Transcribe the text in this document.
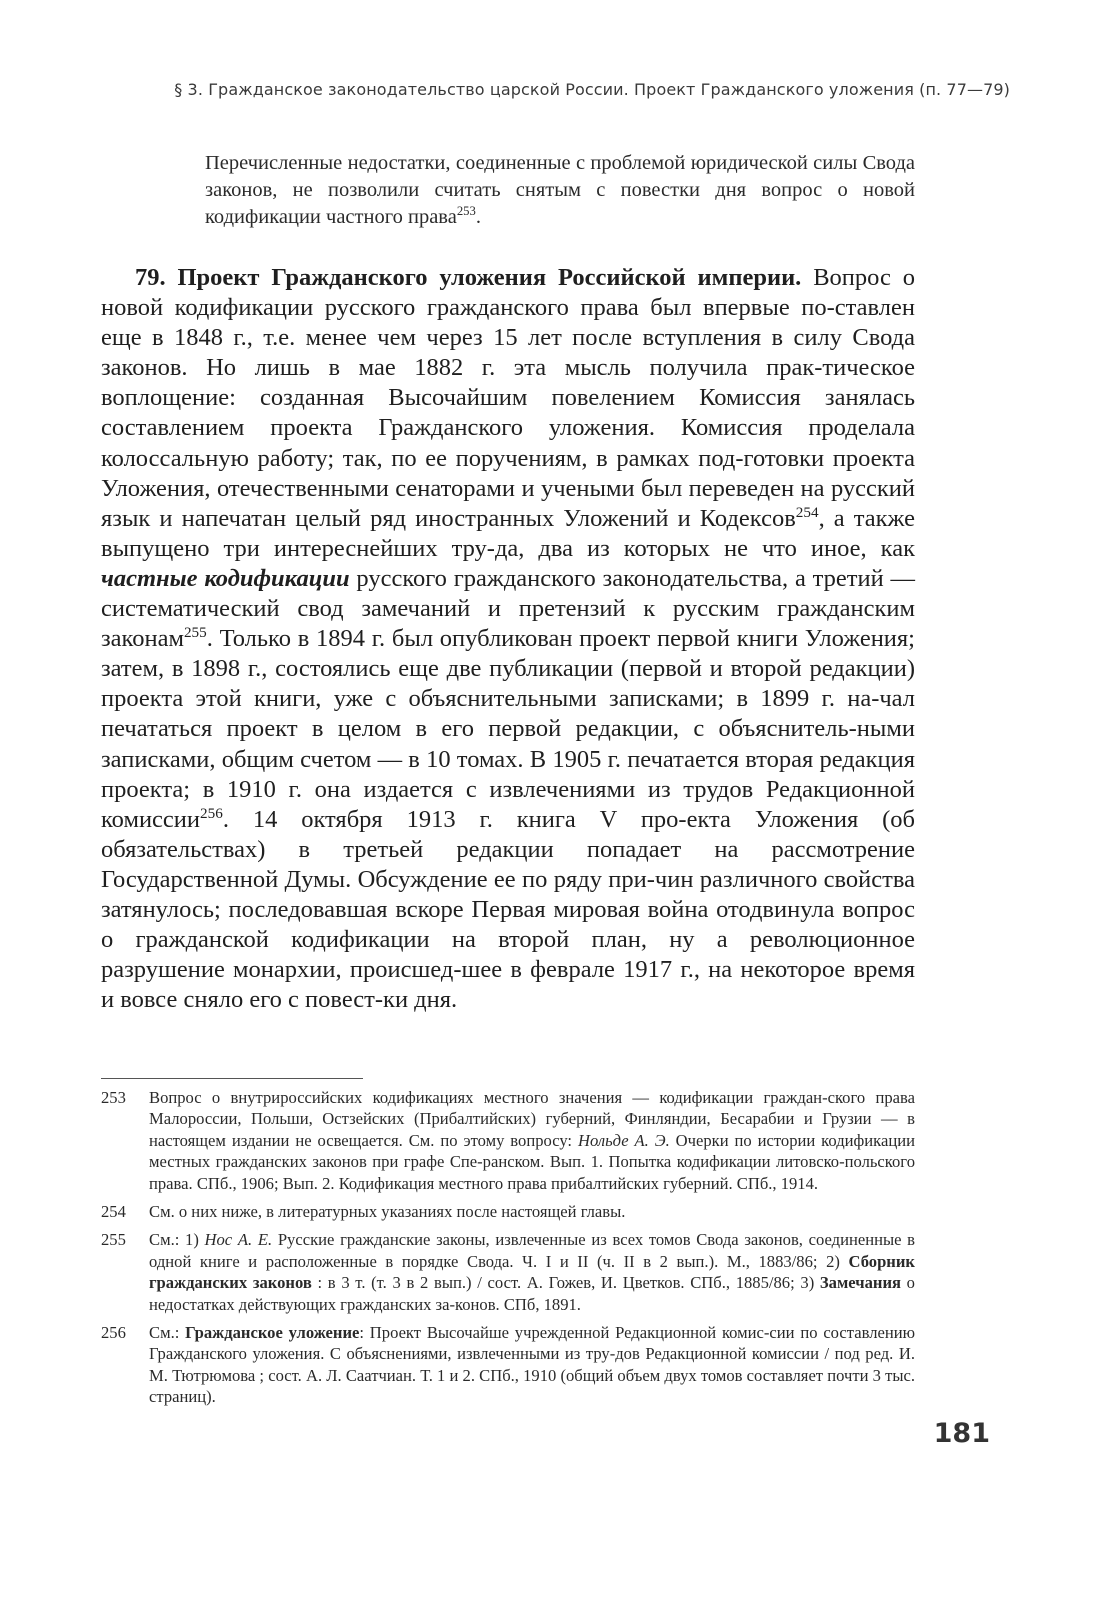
§ 3. Гражданское законодательство царской России. Проект Гражданского уложения (п. 77—79)
Перечисленные недостатки, соединенные с проблемой юридической силы Свода законов, не позволили считать снятым с повестки дня вопрос о новой кодификации частного права$^{253}$.
79. Проект Гражданского уложения Российской империи. Вопрос о новой кодификации русского гражданского права был впервые по-ставлен еще в 1848 г., т.е. менее чем через 15 лет после вступления в силу Свода законов. Но лишь в мае 1882 г. эта мысль получила прак-тическое воплощение: созданная Высочайшим повелением Комиссия занялась составлением проекта Гражданского уложения. Комиссия проделала колоссальную работу; так, по ее поручениям, в рамках под-готовки проекта Уложения, отечественными сенаторами и учеными был переведен на русский язык и напечатан целый ряд иностранных Уложений и Кодексов$^{254}$, а также выпущено три интереснейших тру-да, два из которых не что иное, как частные кодификации русского гражданского законодательства, а третий — систематический свод замечаний и претензий к русским гражданским законам$^{255}$. Только в 1894 г. был опубликован проект первой книги Уложения; затем, в 1898 г., состоялись еще две публикации (первой и второй редакции) проекта этой книги, уже с объяснительными записками; в 1899 г. на-чал печататься проект в целом в его первой редакции, с объяснитель-ными записками, общим счетом — в 10 томах. В 1905 г. печатается вторая редакция проекта; в 1910 г. она издается с извлечениями из трудов Редакционной комиссии$^{256}$. 14 октября 1913 г. книга V про-екта Уложения (об обязательствах) в третьей редакции попадает на рассмотрение Государственной Думы. Обсуждение ее по ряду при-чин различного свойства затянулось; последовавшая вскоре Первая мировая война отодвинула вопрос о гражданской кодификации на второй план, ну а революционное разрушение монархии, происшед-шее в феврале 1917 г., на некоторое время и вовсе сняло его с повест-ки дня.
253	Вопрос о внутрироссийских кодификациях местного значения — кодификации граждан-ского права Малороссии, Польши, Остзейских (Прибалтийских) губерний, Финляндии, Бесарабии и Грузии — в настоящем издании не освещается. См. по этому вопросу: Нольде А. Э. Очерки по истории кодификации местных гражданских законов при графе Спе-ранском. Вып. 1. Попытка кодификации литовско-польского права. СПб., 1906; Вып. 2. Кодификация местного права прибалтийских губерний. СПб., 1914.
254	См. о них ниже, в литературных указаниях после настоящей главы.
255	См.: 1) Нос А. Е. Русские гражданские законы, извлеченные из всех томов Свода законов, соединенные в одной книге и расположенные в порядке Свода. Ч. I и II (ч. II в 2 вып.). М., 1883/86; 2) Сборник гражданских законов : в 3 т. (т. 3 в 2 вып.) / сост. А. Гожев, И. Цветков. СПб., 1885/86; 3) Замечания о недостатках действующих гражданских за-конов. СПб, 1891.
256	См.: Гражданское уложение: Проект Высочайше учрежденной Редакционной комис-сии по составлению Гражданского уложения. С объяснениями, извлеченными из тру-дов Редакционной комиссии / под ред. И. М. Тютрюмова ; сост. А. Л. Саатчиан. Т. 1 и 2. СПб., 1910 (общий объем двух томов составляет почти 3 тыс. страниц).
181
